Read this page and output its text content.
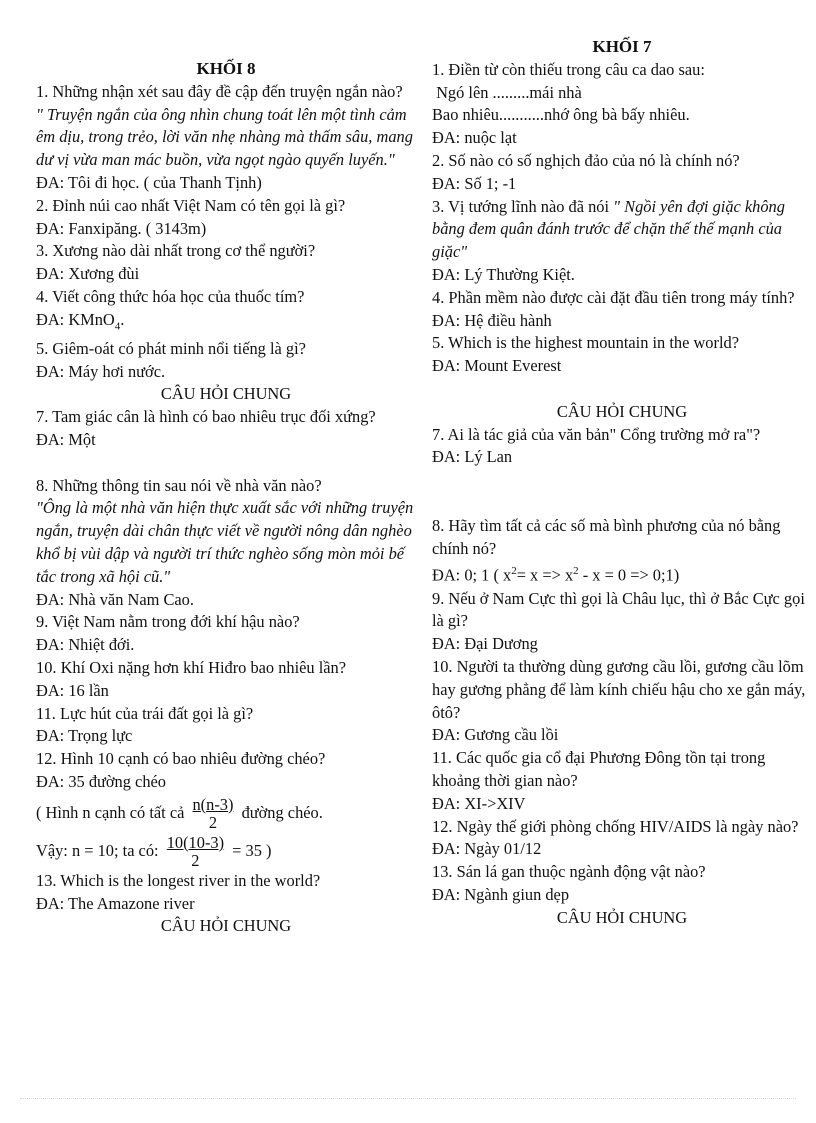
KHỐI 8
1. Những nhận xét sau đây đề cập đến truyện ngắn nào?
" Truyện ngắn của ông nhìn chung toát lên một tình cảm êm dịu, trong trẻo, lời văn nhẹ nhàng mà thấm sâu, mang dư vị vừa man mác buồn, vừa ngọt ngào quyến luyến."
ĐA: Tôi đi học. ( của Thanh Tịnh)
2. Đỉnh núi cao nhất Việt Nam có tên gọi là gì?
ĐA: Fanxipăng. ( 3143m)
3. Xương nào dài nhất trong cơ thể người?
ĐA: Xương đùi
4. Viết công thức hóa học của thuốc tím?
ĐA: KMnO$_4$.
5. Giêm-oát có phát minh nổi tiếng là gì?
ĐA: Máy hơi nước.
CÂU HỎI CHUNG
7. Tam giác cân là hình có bao nhiêu trục đối xứng?
ĐA: Một
8. Những thông tin sau nói về nhà văn nào?
"Ông là một nhà văn hiện thực xuất sắc với những truyện ngắn, truyện dài chân thực viết về người nông dân nghèo khổ bị vùi dập và người trí thức nghèo sống mòn mỏi bế tắc trong xã hội cũ."
ĐA: Nhà văn Nam Cao.
9. Việt Nam nằm trong đới khí hậu nào?
ĐA: Nhiệt đới.
10. Khí Oxi nặng hơn khí Hiđro bao nhiêu lần?
ĐA: 16 lần
11. Lực hút của trái đất gọi là gì?
ĐA: Trọng lực
12. Hình 10 cạnh có bao nhiêu đường chéo?
ĐA: 35 đường chéo
( Hình n cạnh có tất cả $\frac{n(n-3)}{2}$ đường chéo.
Vậy: n = 10; ta có: $\frac{10(10-3)}{2} = 35$ )
13. Which is the longest river in the world?
ĐA: The Amazone river
CÂU HỎI CHUNG
KHỐI 7
1. Điền từ còn thiếu trong câu ca dao sau:
Ngó lên .........mái nhà
Bao nhiêu...........nhớ ông bà bấy nhiêu.
ĐA: nuộc lạt
2. Số nào có số nghịch đảo của nó là chính nó?
ĐA: Số 1; -1
3. Vị tướng lĩnh nào đã nói " Ngồi yên đợi giặc không bằng đem quân đánh trước để chặn thế thế mạnh của giặc"
ĐA: Lý Thường Kiệt.
4. Phần mềm nào được cài đặt đầu tiên trong máy tính?
ĐA: Hệ điều hành
5. Which is the highest mountain in the world?
ĐA: Mount Everest
CÂU HỎI CHUNG
7. Ai là tác giả của văn bản" Cổng trường mở ra"?
ĐA: Lý Lan
8. Hãy tìm tất cả các số mà bình phương của nó bằng chính nó?
ĐA: 0; 1 ( $x^2= x => x^2 - x = 0$ => 0;1)
9. Nếu ở Nam Cực thì gọi là Châu lục, thì ở Bắc Cực gọi là gì?
ĐA: Đại Dương
10. Người ta thường dùng gương cầu lồi, gương cầu lõm hay gương phẳng để làm kính chiếu hậu cho xe gắn máy, ôtô?
ĐA: Gương cầu lồi
11. Các quốc gia cổ đại Phương Đông tồn tại trong khoảng thời gian nào?
ĐA: XI->XIV
12. Ngày thế giới phòng chống HIV/AIDS là ngày nào?
ĐA: Ngày 01/12
13. Sán lá gan thuộc ngành động vật nào?
ĐA: Ngành giun dẹp
CÂU HỎI CHUNG
